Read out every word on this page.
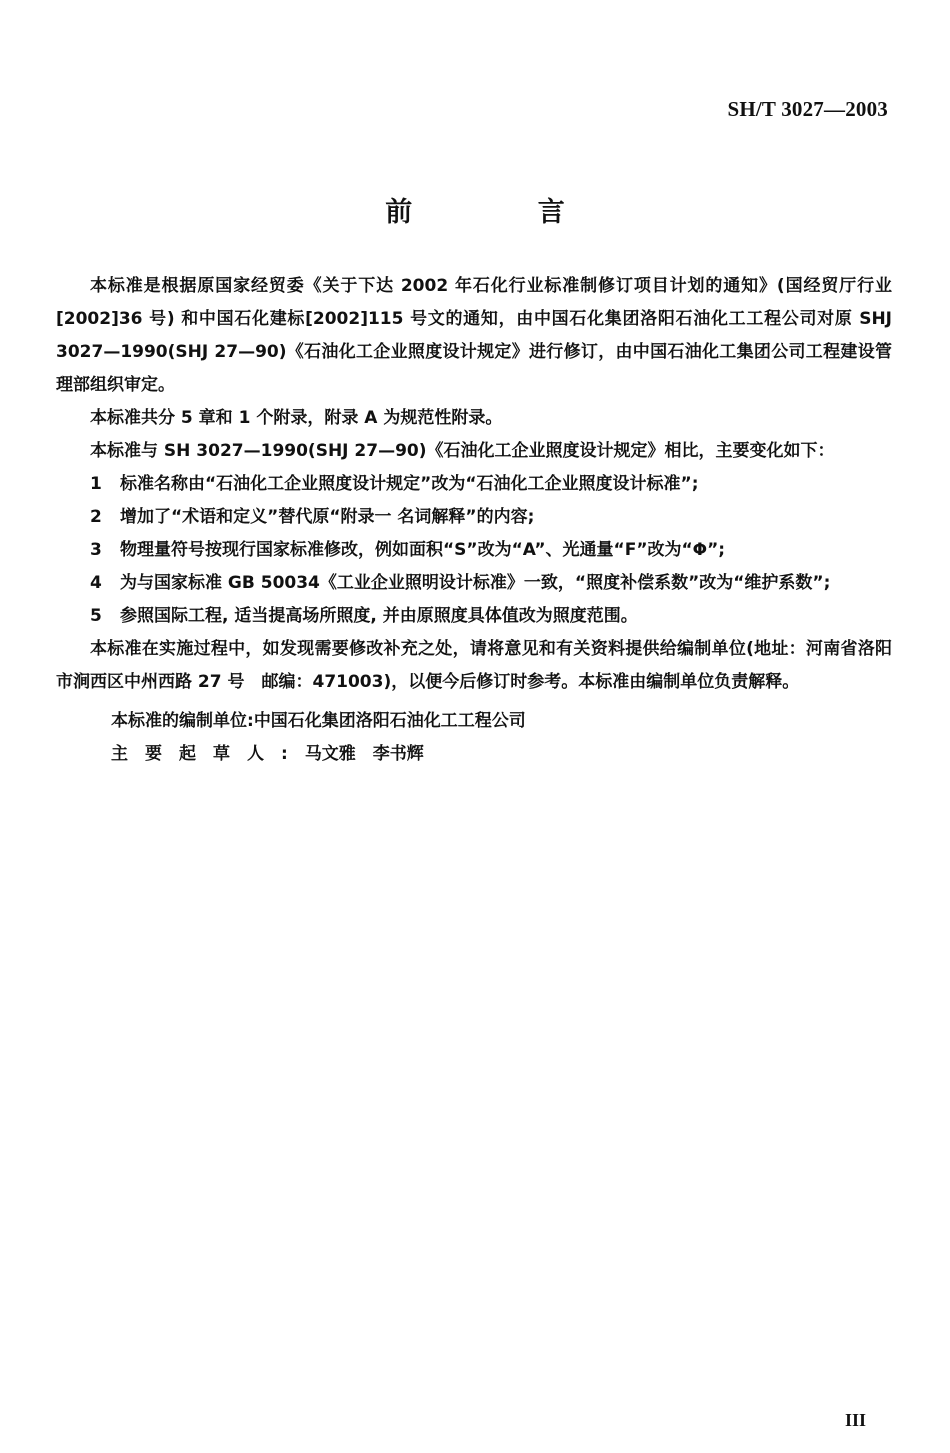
SH/T 3027—2003
前 言

本标准是根据原国家经贸委《关于下达 2002 年石化行业标准制修订项目计划的通知》(国经贸厅行业[2002]36 号) 和中国石化建标[2002]115 号文的通知，由中国石化集团洛阳石油化工工程公司对原 SHJ 3027—1990(SHJ 27—90)《石油化工企业照度设计规定》进行修订，由中国石油化工集团公司工程建设管理部组织审定。

本标准共分 5 章和 1 个附录，附录 A 为规范性附录。

本标准与 SH 3027—1990(SHJ 27—90)《石油化工企业照度设计规定》相比，主要变化如下：

1 标准名称由“石油化工企业照度设计规定”改为“石油化工企业照度设计标准”;

2 增加了“术语和定义”替代原“附录一 名词解释”的内容;

3 物理量符号按现行国家标准修改，例如面积“S”改为“A”、光通量“F”改为“Φ”;

4 为与国家标准 GB 50034《工业企业照明设计标准》一致，“照度补偿系数”改为“维护系数”;

5 参照国际工程, 适当提高场所照度, 并由原照度具体值改为照度范围。

本标准在实施过程中，如发现需要修改补充之处，请将意见和有关资料提供给编制单位(地址：河南省洛阳市涧西区中州西路 27 号　邮编：471003)，以便今后修订时参考。本标准由编制单位负责解释。

本标准的编制单位:中国石化集团洛阳石油化工工程公司

主要起草人:马文雅　李书辉

III
